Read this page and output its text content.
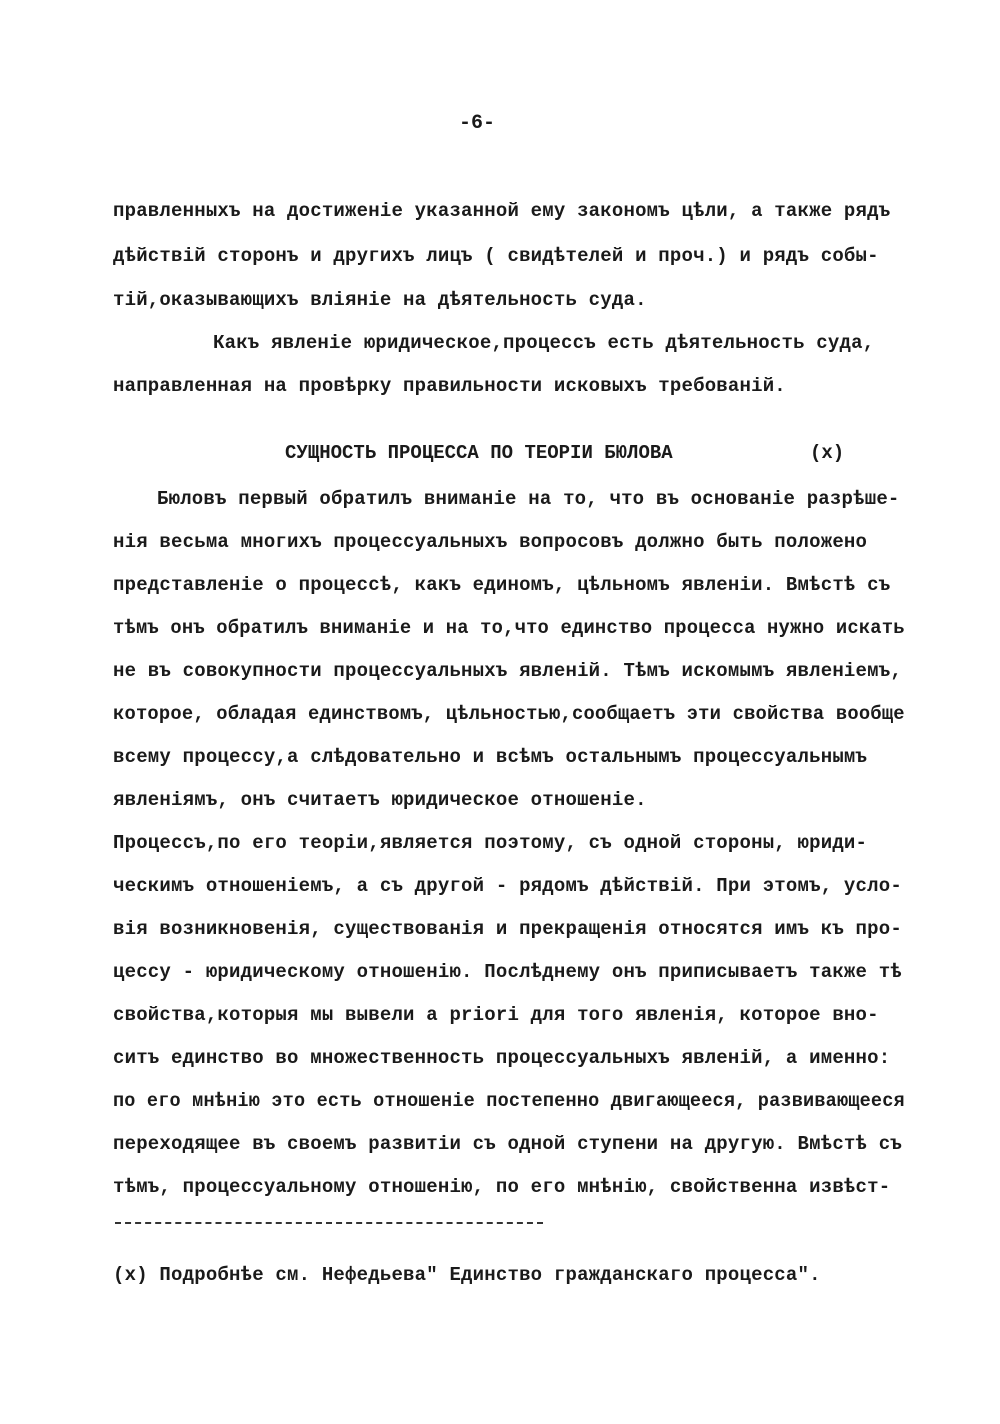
-6-
правленныхъ на достиженіе указанной ему закономъ цѣли, а также рядъ
дѣйствій сторонъ и другихъ лицъ ( свидѣтелей и проч.) и рядъ собы-
тій,оказывающихъ вліяніе на дѣятельность суда.
Какъ явленіе юридическое,процессъ есть дѣятельность суда,
направленная на провѣрку правильности исковыхъ требованій.
СУЩНОСТЬ ПРОЦЕССА ПО ТЕОРІИ БЮЛОВА	(х)
Бюловъ первый обратилъ вниманіе на то, что въ основаніе разрѣше-
нія весьма многихъ процессуальныхъ вопросовъ должно быть положено
представленіе о процессѣ, какъ единомъ, цѣльномъ явленіи. Вмѣстѣ съ
тѣмъ онъ обратилъ вниманіе и на то,что единство процесса нужно искать
не въ совокупности процессуальныхъ явленій. Тѣмъ искомымъ явленіемъ,
которое, обладая единствомъ, цѣльностью,сообщаетъ эти свойства вообще
всему процессу,а слѣдовательно и всѣмъ остальнымъ процессуальнымъ
явленіямъ, онъ считаетъ юридическое отношеніе.
Процессъ,по его теоріи,является поэтому, съ одной стороны, юриди-
ческимъ отношеніемъ, а съ другой - рядомъ дѣйствій. При этомъ, усло-
вія возникновенія, существованія и прекращенія относятся имъ къ про-
цессу - юридическому отношенію. Послѣднему онъ приписываетъ также тѣ
свойства,которыя мы вывели a priori для того явленія, которое вно-
ситъ единство во множественность процессуальныхъ явленій, а именно:
по его мнѣнію это есть отношеніе постепенно двигающееся, развивающееся
переходящее въ своемъ развитіи съ одной ступени на другую. Вмѣстѣ съ
тѣмъ, процессуальному отношенію, по его мнѣнію, свойственна извѣст-
(х) Подробнѣе см. Нефедьева" Единство гражданскаго процесса".
